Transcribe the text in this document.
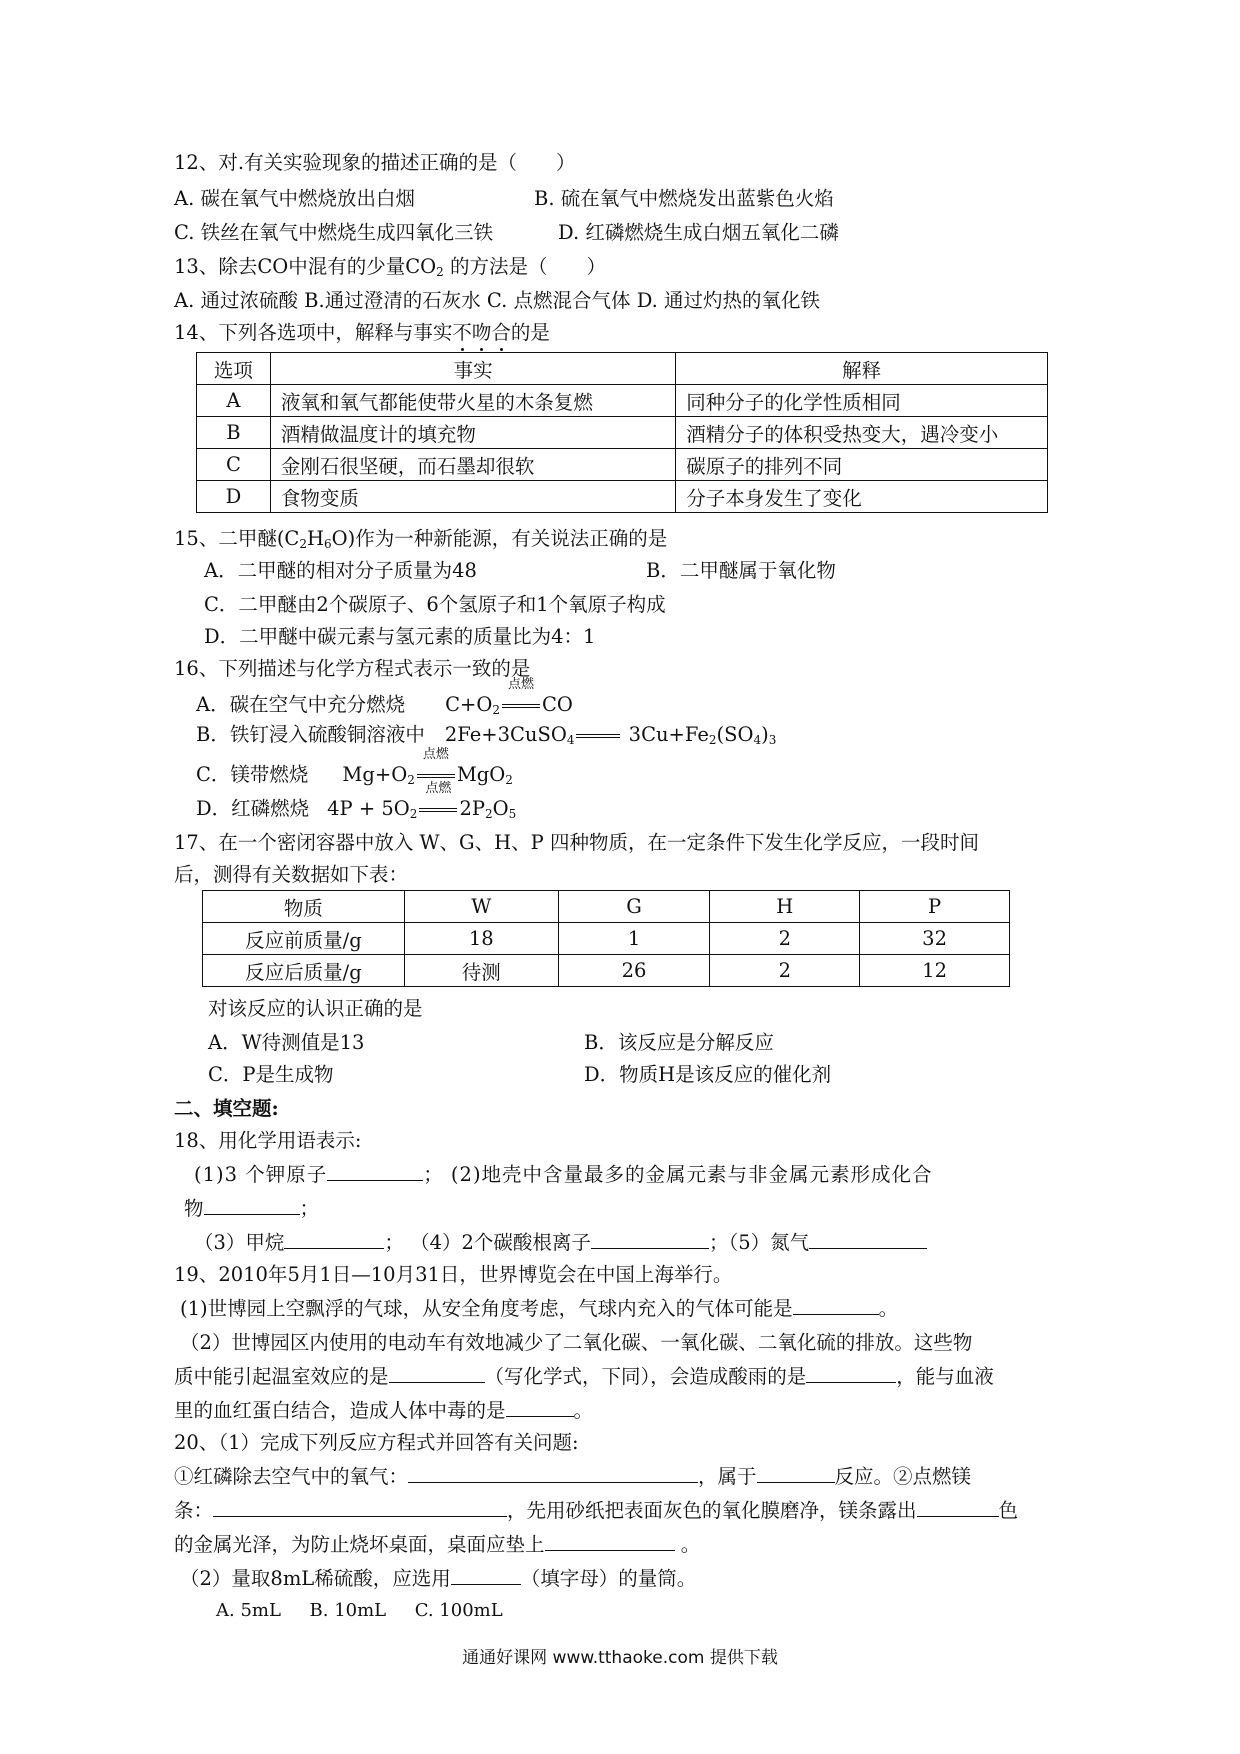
12、对.有关实验现象的描述正确的是（　　）
A. 碳在氧气中燃烧放出白烟	B. 硫在氧气中燃烧发出蓝紫色火焰
C. 铁丝在氧气中燃烧生成四氧化三铁	D. 红磷燃烧生成白烟五氧化二磷
13、除去CO中混有的少量$CO_2$ 的方法是（　　）
A. 通过浓硫酸 B.通过澄清的石灰水 C. 点燃混合气体 D. 通过灼热的氧化铁
14、下列各选项中，解释与事实不吻合的是
选项	事实	解释
A	液氧和氧气都能使带火星的木条复燃	同种分子的化学性质相同
B	酒精做温度计的填充物	酒精分子的体积受热变大，遇冷变小
C	金刚石很坚硬，而石墨却很软	碳原子的排列不同
D	食物变质	分子本身发生了变化
15、二甲醚$(C_2H_6O)$作为一种新能源，有关说法正确的是
A．二甲醚的相对分子质量为48	B．二甲醚属于氧化物
C．二甲醚由2个碳原子、6个氢原子和1个氧原子构成
D．二甲醚中碳元素与氢元素的质量比为4：1
16、下列描述与化学方程式表示一致的是
A．碳在空气中充分燃烧 $C+O_2$
点燃
CO
B．铁钉浸入硫酸铜溶液中 2Fe+3CuSO$_4$ $3Cu+Fe_2(SO_4)_3$
C．镁带燃烧 $Mg+O_2$
点燃
MgO$_2$
D．红磷燃烧 $4P + 5O_2$
点燃
$2P_2O_5$
17、在一个密闭容器中放入 W、G、H、P 四种物质，在一定条件下发生化学反应，一段时间
后，测得有关数据如下表：
物质	W	G	H	P
反应前质量/g	18	1	2	32
反应后质量/g	待测	26	2	12
对该反应的认识正确的是
A．W待测值是13	B．该反应是分解反应
C．P是生成物	D．物质H是该反应的催化剂
二、填空题:
18、用化学用语表示:
(1)3 个钾原子	； (2)地壳中含量最多的金属元素与非金属元素形成化合
物	；
（3）甲烷	； （4）2个碳酸根离子	；（5）氮气
19、2010年5月1日—10月31日，世界博览会在中国上海举行。
(1)世博园上空飘浮的气球，从安全角度考虑，气球内充入的气体可能是	。
（2）世博园区内使用的电动车有效地减少了二氧化碳、一氧化碳、二氧化硫的排放。这些物
质中能引起温室效应的是	（写化学式，下同），会造成酸雨的是	，能与血液
里的血红蛋白结合，造成人体中毒的是	。
20、（1）完成下列反应方程式并回答有关问题:
①红磷除去空气中的氧气：	，属于	反应。②点燃镁
条：	，先用砂纸把表面灰色的氧化膜磨净，镁条露出	色
的金属光泽，为防止烧坏桌面，桌面应垫上	。
（2）量取8mL稀硫酸，应选用	（填字母）的量筒。
A. 5mL     B. 10mL     C. 100mL
通通好课网 www.tthaoke.com 提供下载
